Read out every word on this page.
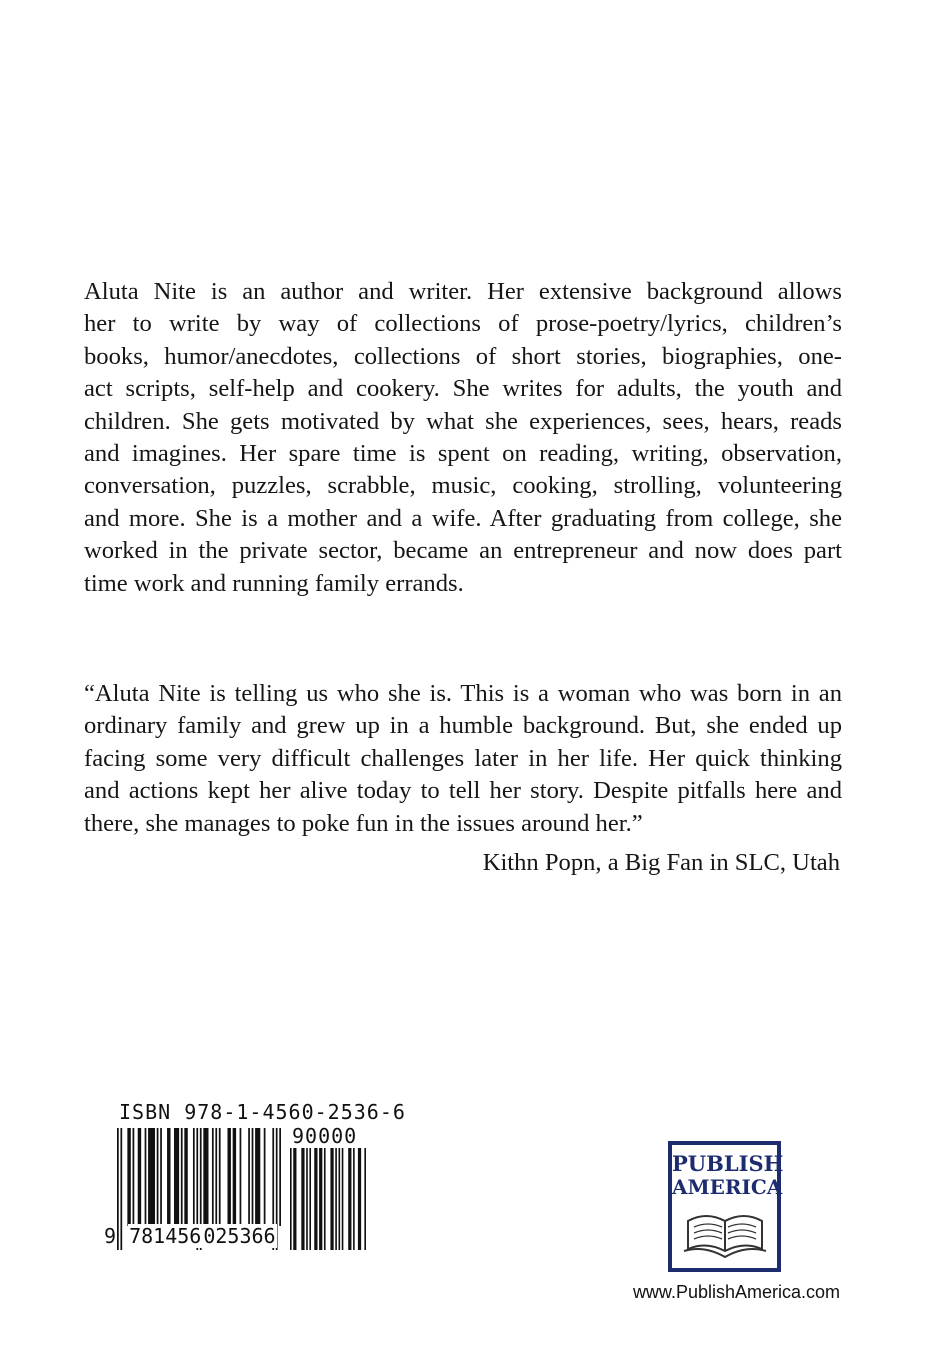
Aluta Nite is an author and writer. Her extensive background allows
her to write by way of collections of prose-poetry/lyrics, children’s
books, humor/anecdotes, collections of short stories, biographies, one-
act scripts, self-help and cookery. She writes for adults, the youth and
children. She gets motivated by what she experiences, sees, hears, reads
and imagines. Her spare time is spent on reading, writing, observation,
conversation, puzzles, scrabble, music, cooking, strolling, volunteering
and more. She is a mother and a wife. After graduating from college, she
worked in the private sector, became an entrepreneur and now does part
time work and running family errands.
“Aluta Nite is telling us who she is. This is a woman who was born in an
ordinary family and grew up in a humble background. But, she ended up
facing some very difficult challenges later in her life. Her quick thinking
and actions kept her alive today to tell her story. Despite pitfalls here and
there, she manages to poke fun in the issues around her.”

Kithn Popn, a Big Fan in SLC, Utah

ISBN 978-1-4560-2536-6
90000
9 781456 025366
PUBLISH
AMERICA
www.PublishAmerica.com
